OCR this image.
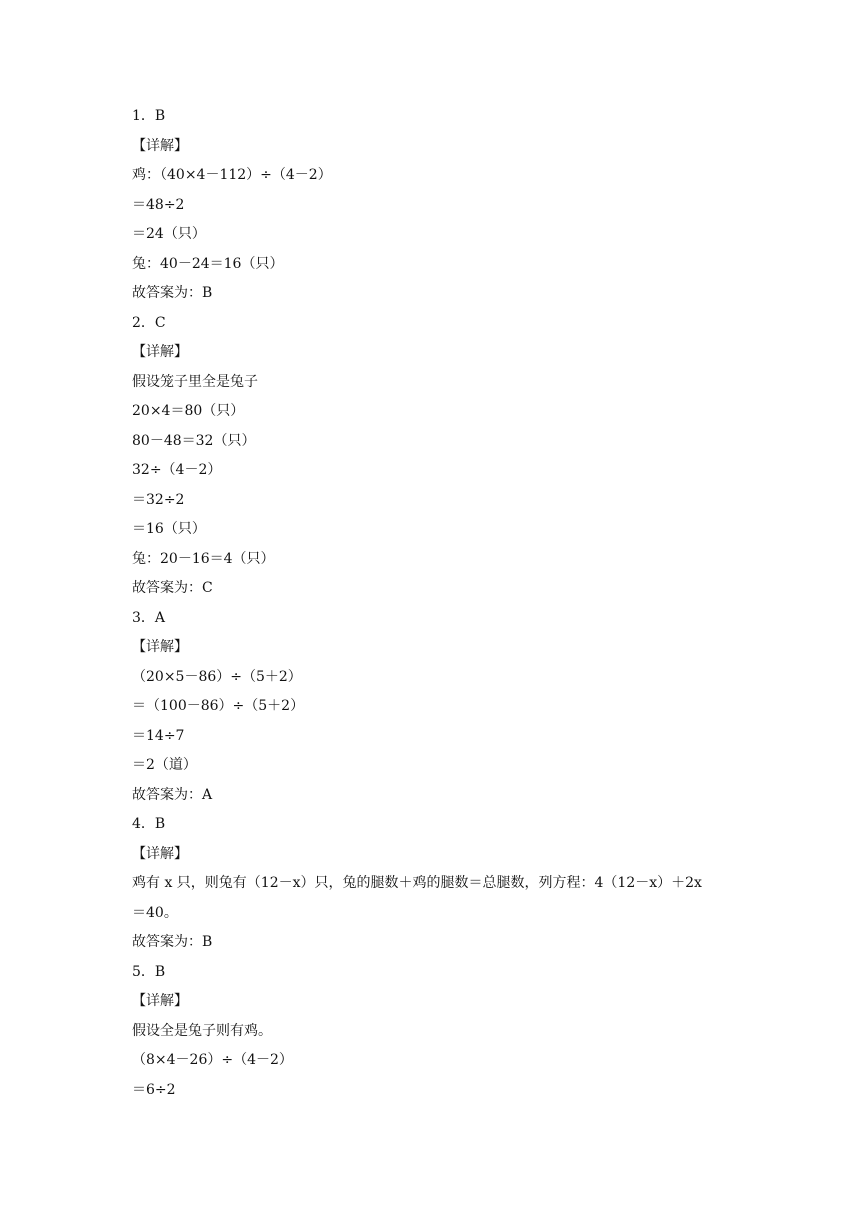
1．B
【详解】
鸡：（40×4－112）÷（4－2）
＝48÷2
＝24（只）
兔：40－24＝16（只）
故答案为：B
2．C
【详解】
假设笼子里全是兔子
20×4＝80（只）
80－48＝32（只）
32÷（4－2）
＝32÷2
＝16（只）
兔：20－16＝4（只）
故答案为：C
3．A
【详解】
（20×5－86）÷（5＋2）
＝（100－86）÷（5＋2）
＝14÷7
＝2（道）
故答案为：A
4．B
【详解】
鸡有 x 只，则兔有（12－x）只，兔的腿数＋鸡的腿数＝总腿数，列方程：4（12－x）＋2x
＝40。
故答案为：B
5．B
【详解】
假设全是兔子则有鸡。
（8×4－26）÷（4－2）
＝6÷2
